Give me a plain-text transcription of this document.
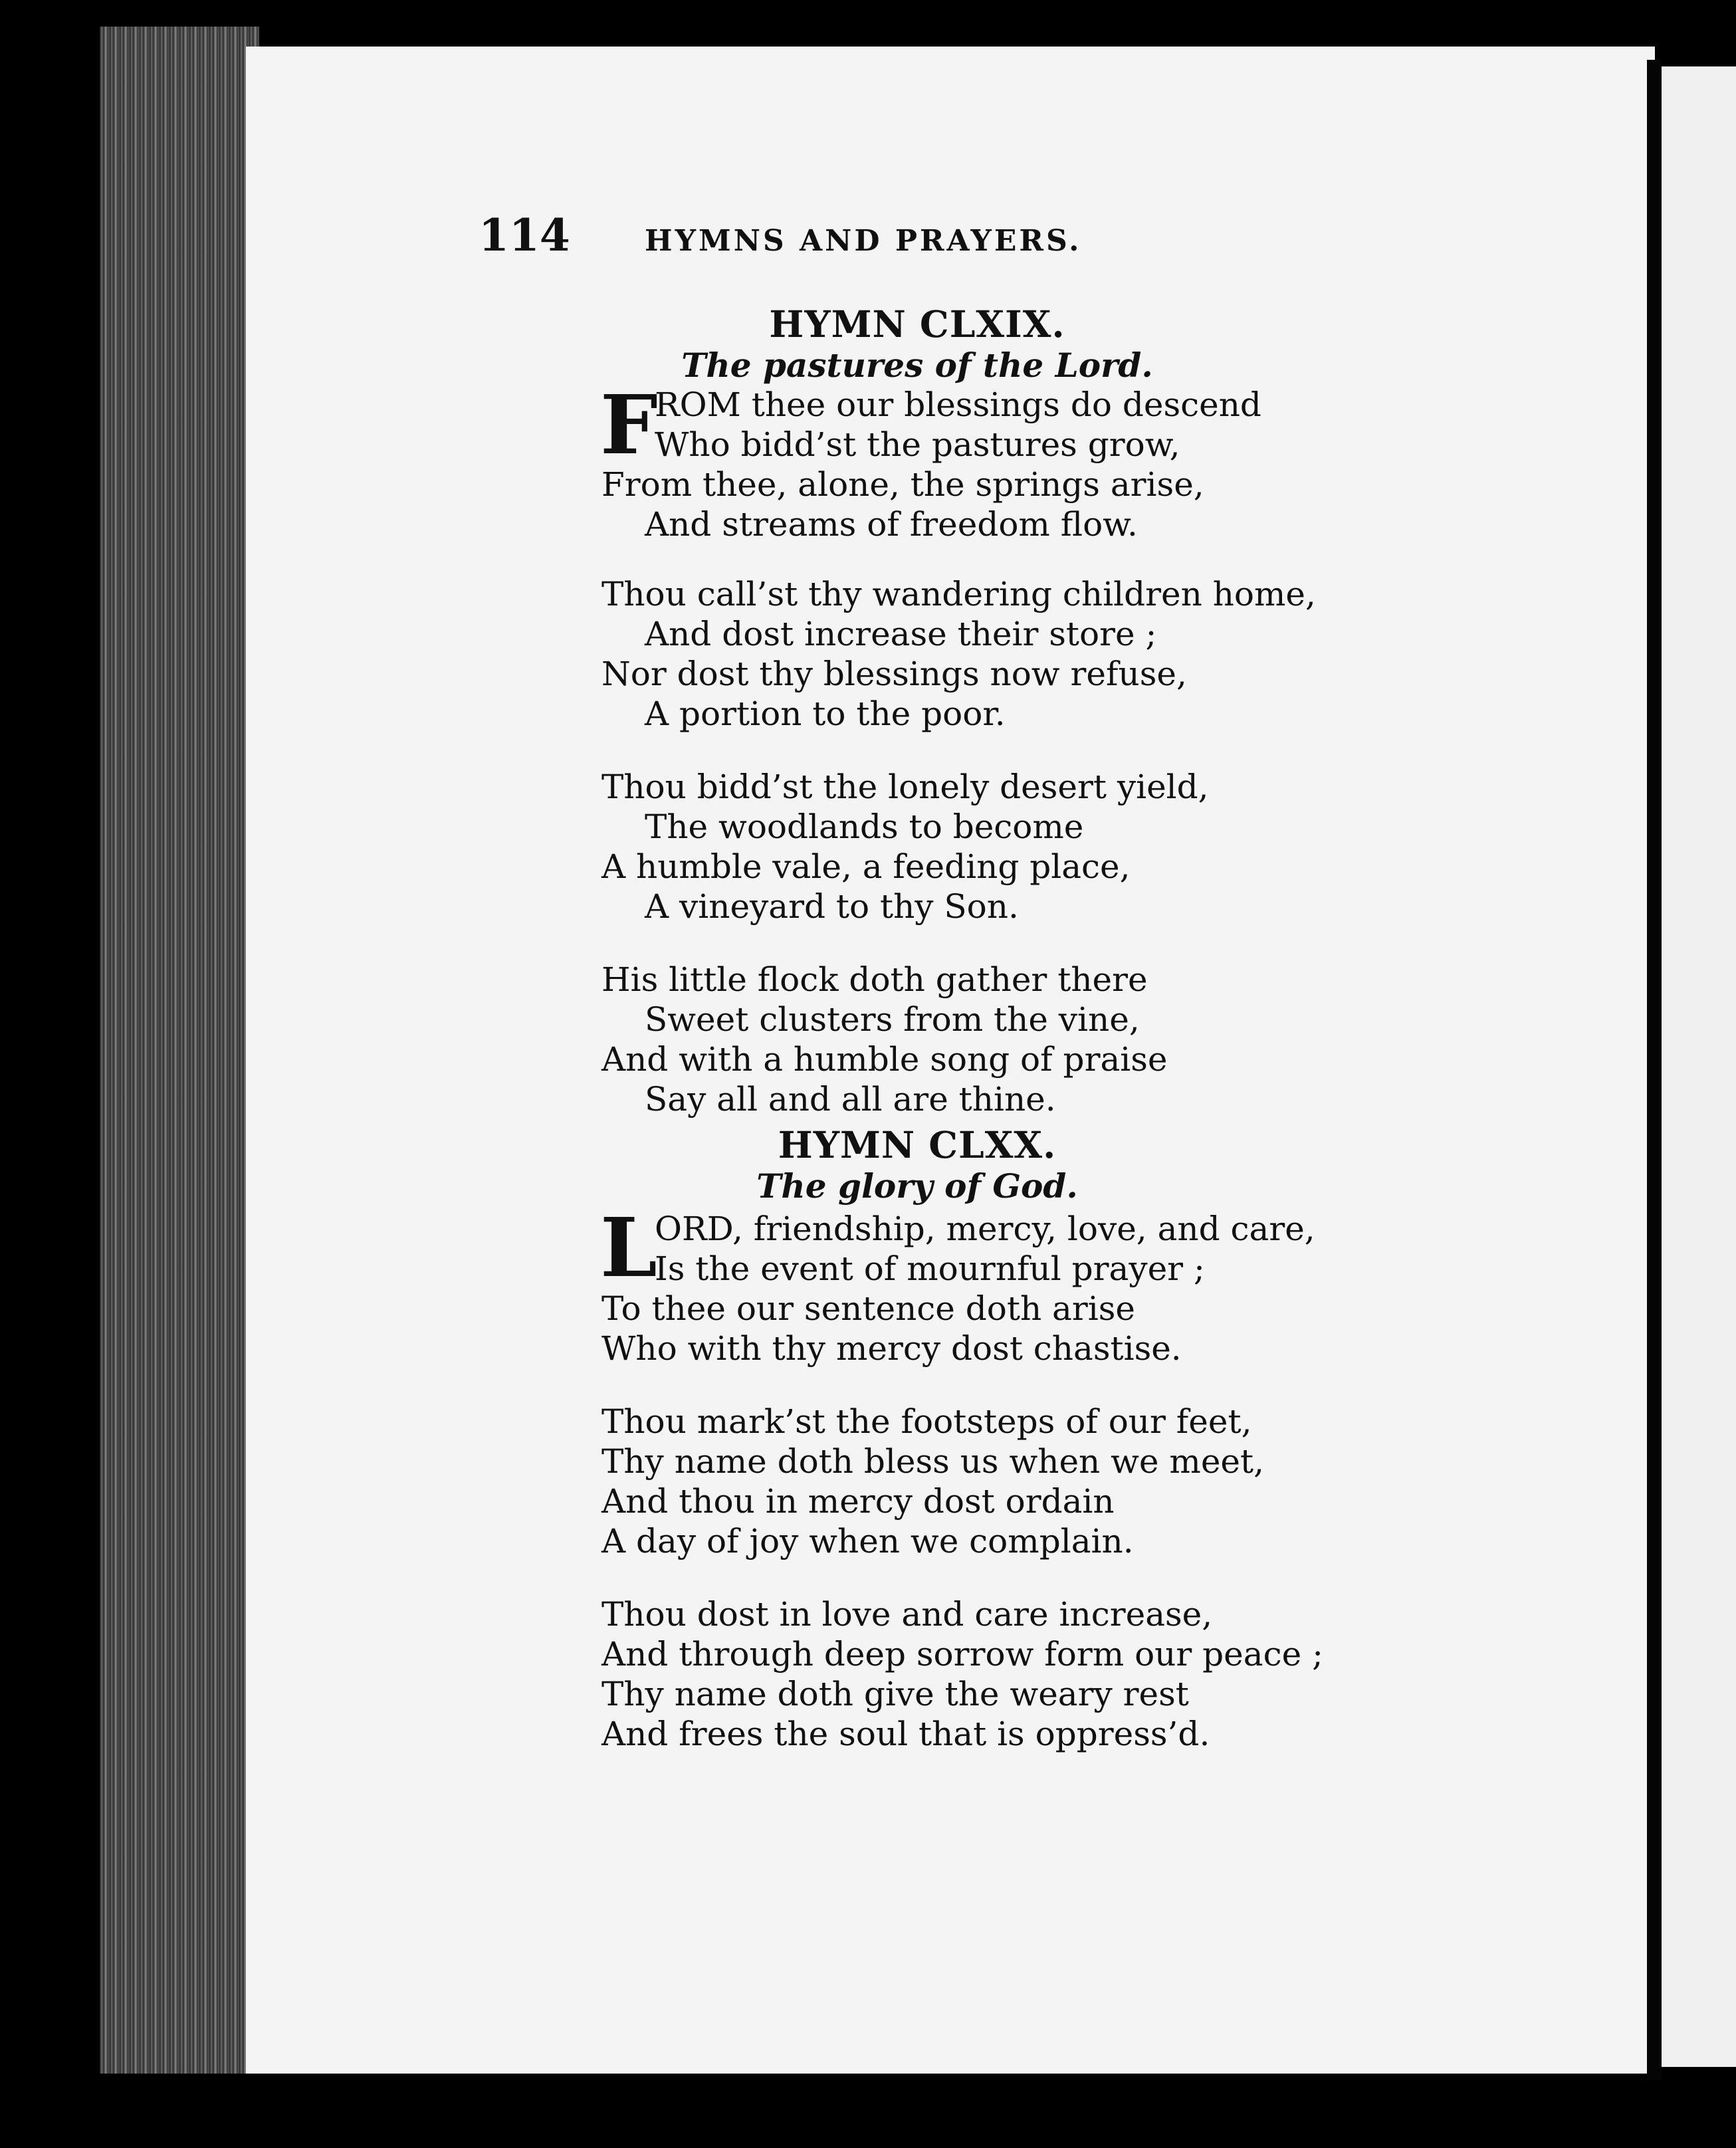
114	HYMNS AND PRAYERS.
HYMN CLXIX.
The pastures of the Lord.
F
ROM thee our blessings do descend
Who bidd’st the pastures grow,
From thee, alone, the springs arise,
And streams of freedom flow.
Thou call’st thy wandering children home,
And dost increase their store ;
Nor dost thy blessings now refuse,
A portion to the poor.
Thou bidd’st the lonely desert yield,
The woodlands to become
A humble vale, a feeding place,
A vineyard to thy Son.
His little flock doth gather there
Sweet clusters from the vine,
And with a humble song of praise
Say all and all are thine.
HYMN CLXX.
The glory of God.
L
ORD, friendship, mercy, love, and care,
Is the event of mournful prayer ;
To thee our sentence doth arise
Who with thy mercy dost chastise.
Thou mark’st the footsteps of our feet,
Thy name doth bless us when we meet,
And thou in mercy dost ordain
A day of joy when we complain.
Thou dost in love and care increase,
And through deep sorrow form our peace ;
Thy name doth give the weary rest
And frees the soul that is oppress’d.
